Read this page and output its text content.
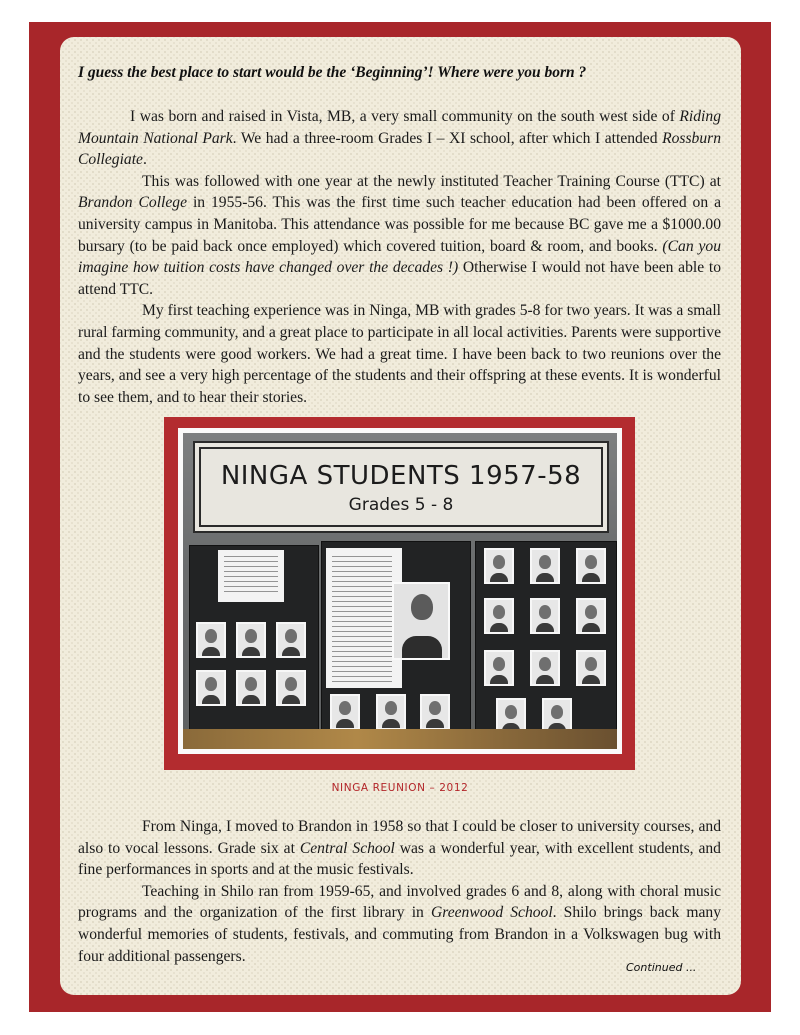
I guess the best place to start would be the ‘Beginning’! Where were you born ?

I was born and raised in Vista, MB, a very small community on the south west side of Riding Mountain National Park. We had a three-room Grades I – XI school, after which I attended Rossburn Collegiate.

This was followed with one year at the newly instituted Teacher Training Course (TTC) at Brandon College in 1955-56. This was the first time such teacher education had been offered on a university campus in Manitoba. This attendance was possible for me because BC gave me a $1000.00 bursary (to be paid back once employed) which covered tuition, board & room, and books. (Can you imagine how tuition costs have changed over the decades !) Otherwise I would not have been able to attend TTC.

My first teaching experience was in Ninga, MB with grades 5-8 for two years. It was a small rural farming community, and a great place to participate in all local activities. Parents were supportive and the students were good workers. We had a great time. I have been back to two reunions over the years, and see a very high percentage of the students and their offspring at these events. It is wonderful to see them, and to hear their stories.

NINGA STUDENTS 1957-58
Grades 5 - 8
NINGA REUNION – 2012

From Ninga, I moved to Brandon in 1958 so that I could be closer to university courses, and also to vocal lessons. Grade six at Central School was a wonderful year, with excellent students, and fine performances in sports and at the music festivals.

Teaching in Shilo ran from 1959-65, and involved grades 6 and 8, along with choral music programs and the organization of the first library in Greenwood School. Shilo brings back many wonderful memories of students, festivals, and commuting from Brandon in a Volkswagen bug with four additional passengers.

Continued ...
